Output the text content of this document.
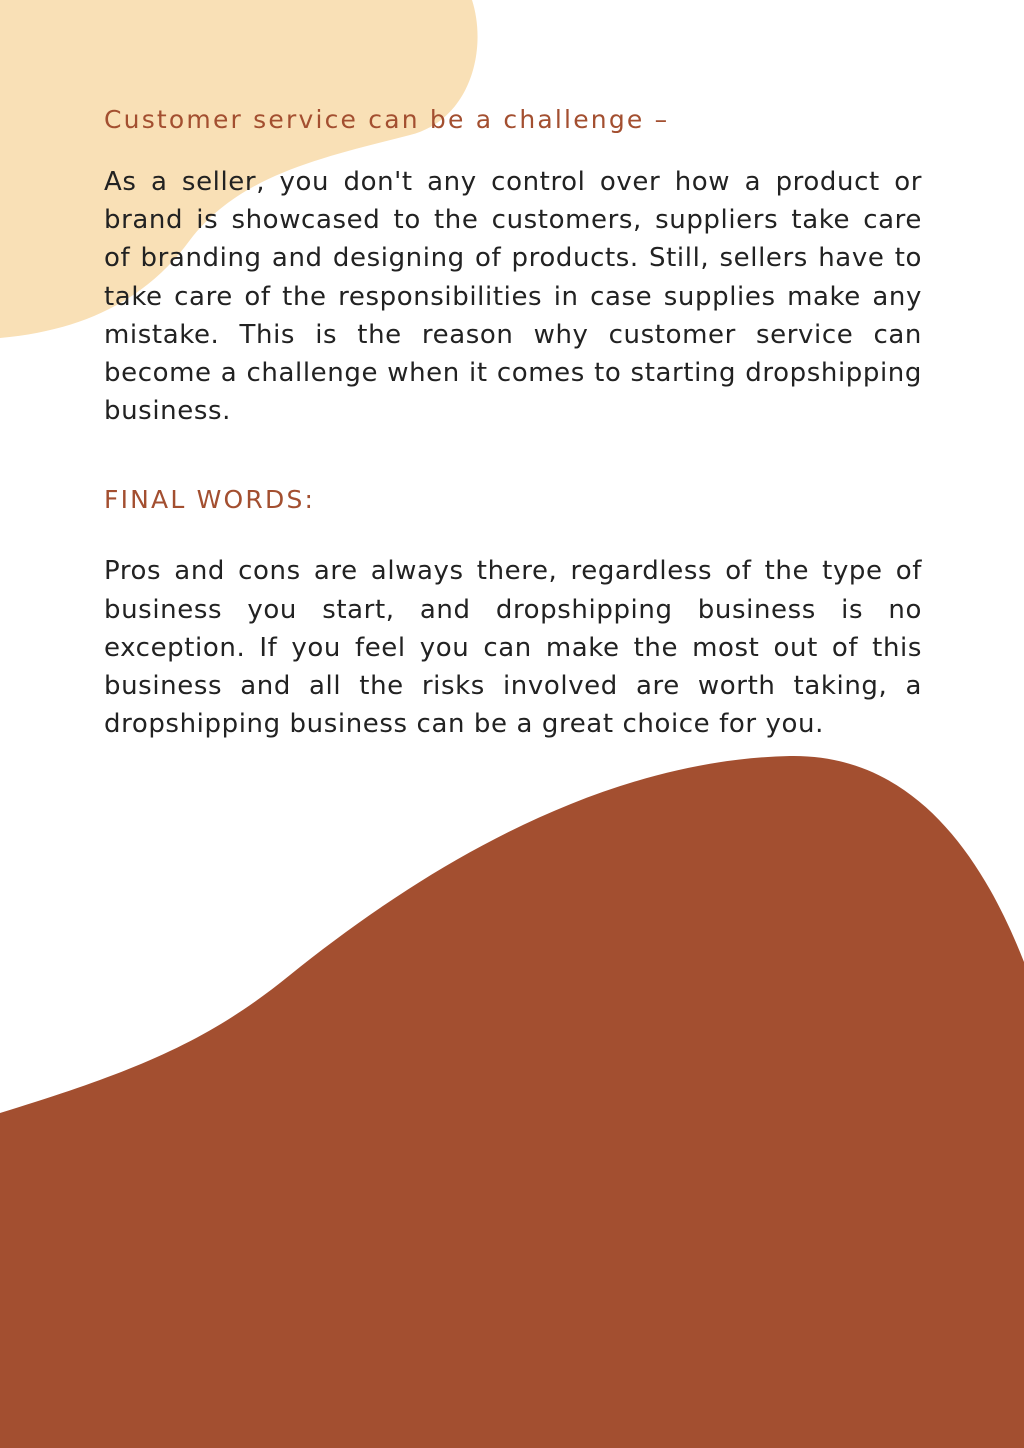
Customer service can be a challenge –

As a seller, you don't any control over how a product or brand is showcased to the customers, suppliers take care of branding and designing of products. Still, sellers have to take care of the responsibilities in case supplies make any mistake. This is the reason why customer service can become a challenge when it comes to starting dropshipping business.

FINAL WORDS:

Pros and cons are always there, regardless of the type of business you start, and dropshipping business is no exception. If you feel you can make the most out of this business and all the risks involved are worth taking, a dropshipping business can be a great choice for you.
